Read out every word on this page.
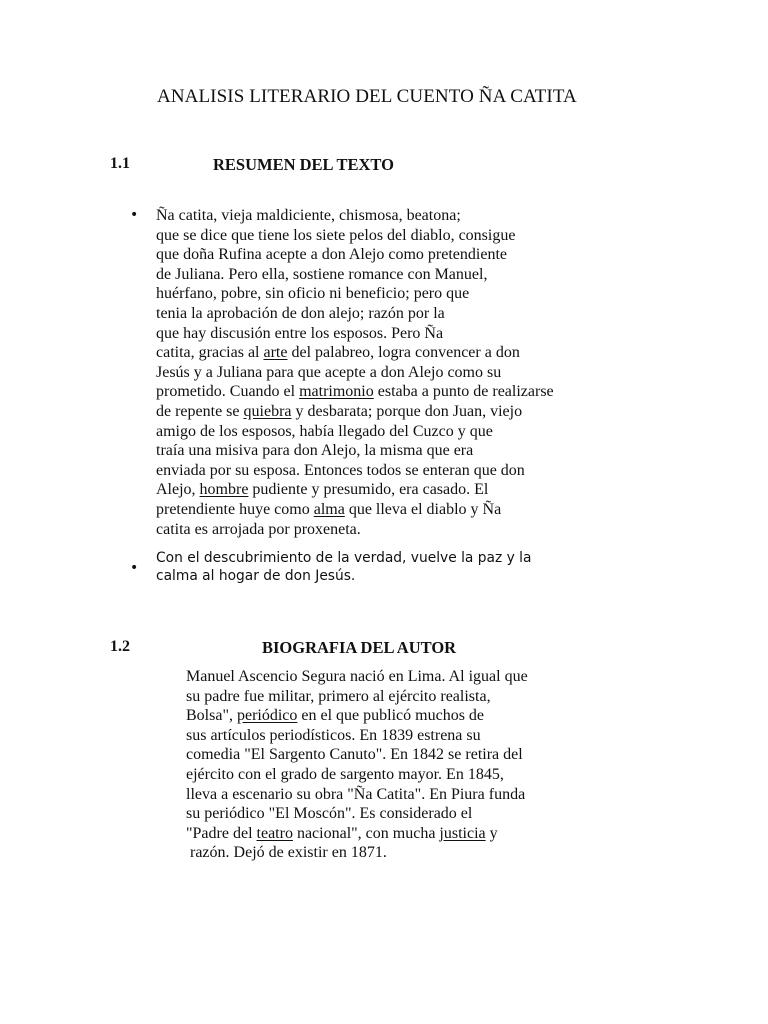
ANALISIS LITERARIO DEL CUENTO ÑA CATITA
1.1	RESUMEN DEL TEXTO
• Ña catita, vieja maldiciente, chismosa, beatona;
que se dice que tiene los siete pelos del diablo, consigue
que doña Rufina acepte a don Alejo como pretendiente
de Juliana. Pero ella, sostiene romance con Manuel,
huérfano, pobre, sin oficio ni beneficio; pero que
tenia la aprobación de don alejo; razón por la
que hay discusión entre los esposos. Pero Ña
catita, gracias al arte del palabreo, logra convencer a don
Jesús y a Juliana para que acepte a don Alejo como su
prometido. Cuando el matrimonio estaba a punto de realizarse
de repente se quiebra y desbarata; porque don Juan, viejo
amigo de los esposos, había llegado del Cuzco y que
traía una misiva para don Alejo, la misma que era
enviada por su esposa. Entonces todos se enteran que don
Alejo, hombre pudiente y presumido, era casado. El
pretendiente huye como alma que lleva el diablo y Ña
catita es arrojada por proxeneta.
•
Con el descubrimiento de la verdad, vuelve la paz y la
calma al hogar de don Jesús.
1.2	BIOGRAFIA DEL AUTOR
Manuel Ascencio Segura nació en Lima. Al igual que
su padre fue militar, primero al ejército realista,
Bolsa", periódico en el que publicó muchos de
sus artículos periodísticos. En 1839 estrena su
comedia "El Sargento Canuto". En 1842 se retira del
ejército con el grado de sargento mayor. En 1845,
lleva a escenario su obra "Ña Catita". En Piura funda
su periódico "El Moscón". Es considerado el
"Padre del teatro nacional", con mucha justicia y
razón. Dejó de existir en 1871.
